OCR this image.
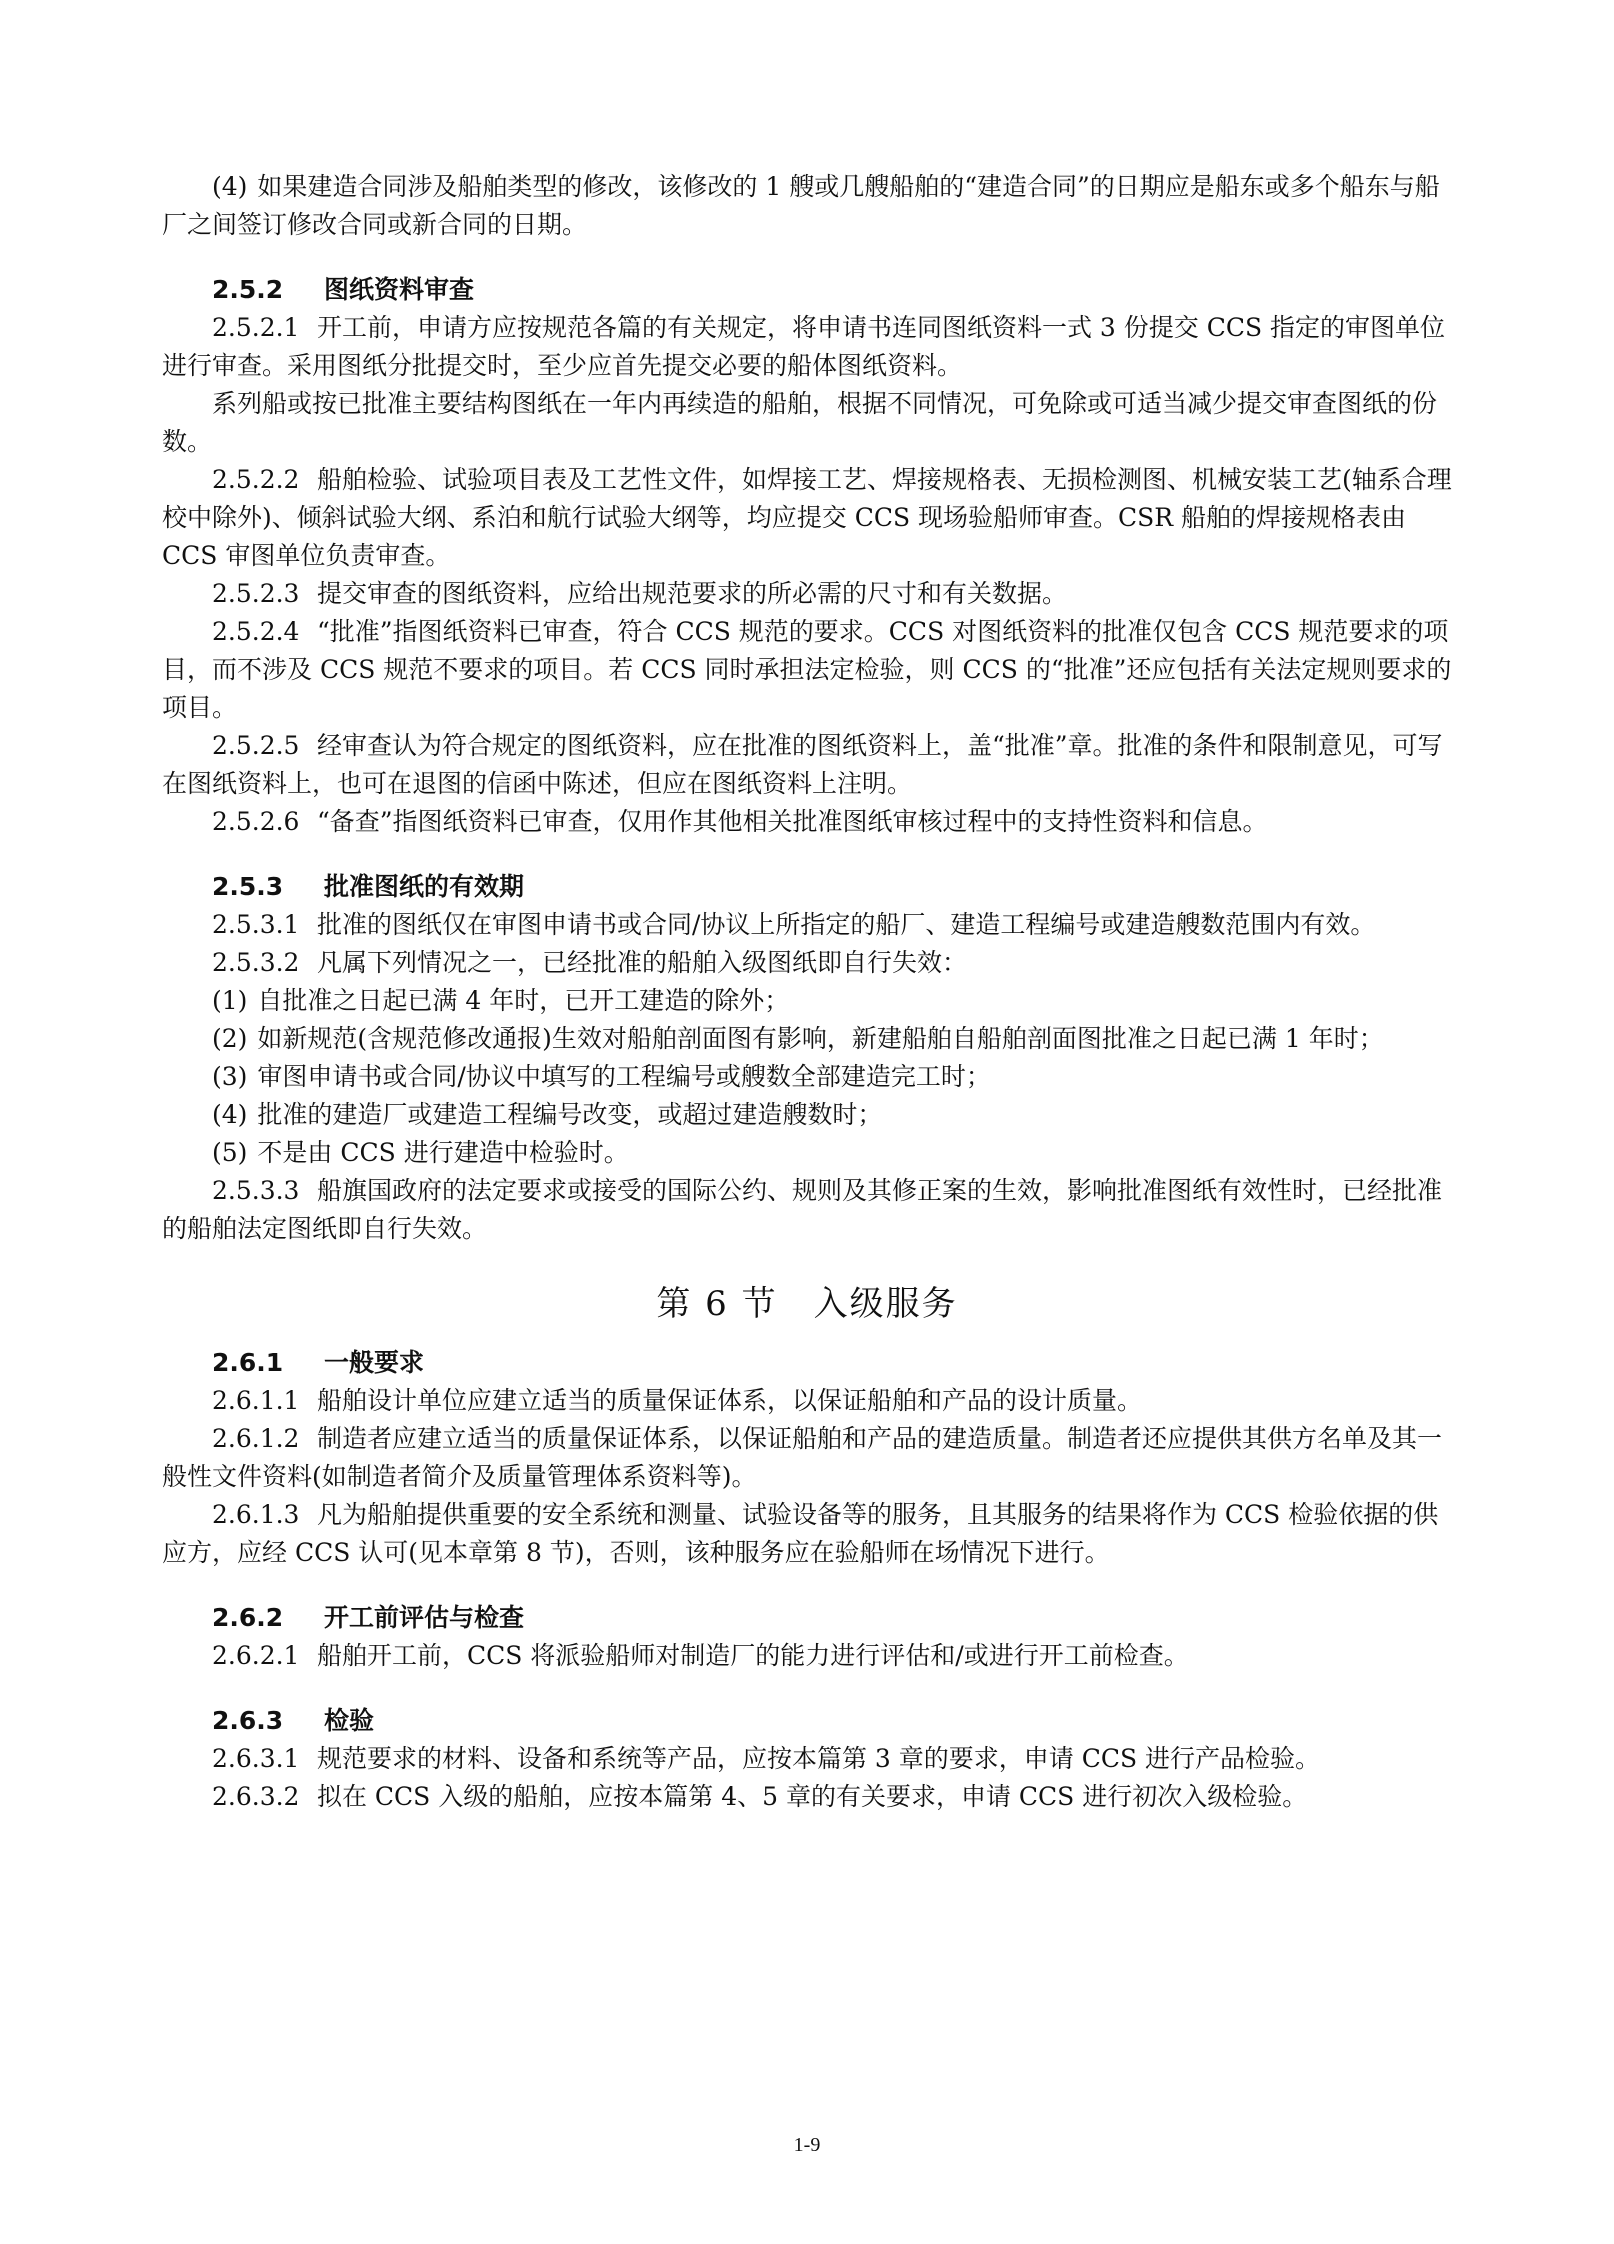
(4) 如果建造合同涉及船舶类型的修改，该修改的 1 艘或几艘船舶的“建造合同”的日期应是船东或多个船东与船厂之间签订修改合同或新合同的日期。

2.5.2 图纸资料审查

2.5.2.1 开工前，申请方应按规范各篇的有关规定，将申请书连同图纸资料一式 3 份提交 CCS 指定的审图单位进行审查。采用图纸分批提交时，至少应首先提交必要的船体图纸资料。

系列船或按已批准主要结构图纸在一年内再续造的船舶，根据不同情况，可免除或可适当减少提交审查图纸的份数。

2.5.2.2 船舶检验、试验项目表及工艺性文件，如焊接工艺、焊接规格表、无损检测图、机械安装工艺(轴系合理校中除外)、倾斜试验大纲、系泊和航行试验大纲等，均应提交 CCS 现场验船师审查。CSR 船舶的焊接规格表由 CCS 审图单位负责审查。

2.5.2.3 提交审查的图纸资料，应给出规范要求的所必需的尺寸和有关数据。

2.5.2.4 “批准”指图纸资料已审查，符合 CCS 规范的要求。CCS 对图纸资料的批准仅包含 CCS 规范要求的项目，而不涉及 CCS 规范不要求的项目。若 CCS 同时承担法定检验，则 CCS 的“批准”还应包括有关法定规则要求的项目。

2.5.2.5 经审查认为符合规定的图纸资料，应在批准的图纸资料上，盖“批准”章。批准的条件和限制意见，可写在图纸资料上，也可在退图的信函中陈述，但应在图纸资料上注明。

2.5.2.6 “备查”指图纸资料已审查，仅用作其他相关批准图纸审核过程中的支持性资料和信息。

2.5.3 批准图纸的有效期

2.5.3.1 批准的图纸仅在审图申请书或合同/协议上所指定的船厂、建造工程编号或建造艘数范围内有效。

2.5.3.2 凡属下列情况之一，已经批准的船舶入级图纸即自行失效：

(1) 自批准之日起已满 4 年时，已开工建造的除外；

(2) 如新规范(含规范修改通报)生效对船舶剖面图有影响，新建船舶自船舶剖面图批准之日起已满 1 年时；

(3) 审图申请书或合同/协议中填写的工程编号或艘数全部建造完工时；

(4) 批准的建造厂或建造工程编号改变，或超过建造艘数时；

(5) 不是由 CCS 进行建造中检验时。

2.5.3.3 船旗国政府的法定要求或接受的国际公约、规则及其修正案的生效，影响批准图纸有效性时，已经批准的船舶法定图纸即自行失效。

第 6 节　入级服务

2.6.1 一般要求

2.6.1.1 船舶设计单位应建立适当的质量保证体系，以保证船舶和产品的设计质量。

2.6.1.2 制造者应建立适当的质量保证体系，以保证船舶和产品的建造质量。制造者还应提供其供方名单及其一般性文件资料(如制造者简介及质量管理体系资料等)。

2.6.1.3 凡为船舶提供重要的安全系统和测量、试验设备等的服务，且其服务的结果将作为 CCS 检验依据的供应方，应经 CCS 认可(见本章第 8 节)，否则，该种服务应在验船师在场情况下进行。

2.6.2 开工前评估与检查

2.6.2.1 船舶开工前，CCS 将派验船师对制造厂的能力进行评估和/或进行开工前检查。

2.6.3 检验

2.6.3.1 规范要求的材料、设备和系统等产品，应按本篇第 3 章的要求，申请 CCS 进行产品检验。

2.6.3.2 拟在 CCS 入级的船舶，应按本篇第 4、5 章的有关要求，申请 CCS 进行初次入级检验。

1-9
